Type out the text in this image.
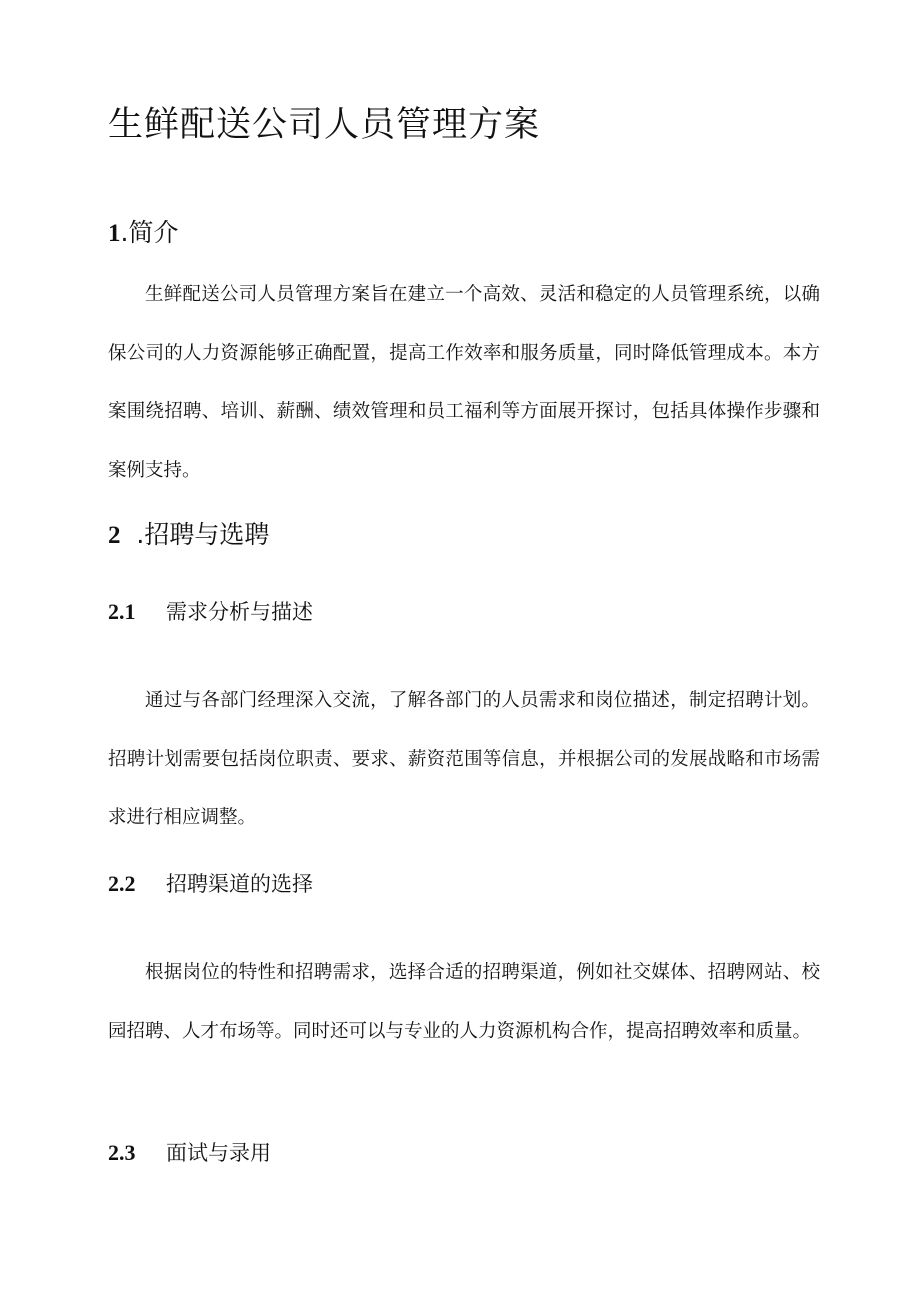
生鲜配送公司人员管理方案
1.简介

生鲜配送公司人员管理方案旨在建立一个高效、灵活和稳定的人员管理系统，以确保公司的人力资源能够正确配置，提高工作效率和服务质量，同时降低管理成本。本方案围绕招聘、培训、薪酬、绩效管理和员工福利等方面展开探讨，包括具体操作步骤和案例支持。

2 .招聘与选聘
2.1 需求分析与描述

通过与各部门经理深入交流，了解各部门的人员需求和岗位描述，制定招聘计划。招聘计划需要包括岗位职责、要求、薪资范围等信息，并根据公司的发展战略和市场需求进行相应调整。

2.2 招聘渠道的选择

根据岗位的特性和招聘需求，选择合适的招聘渠道，例如社交媒体、招聘网站、校园招聘、人才布场等。同时还可以与专业的人力资源机构合作，提高招聘效率和质量。

2.3 面试与录用
